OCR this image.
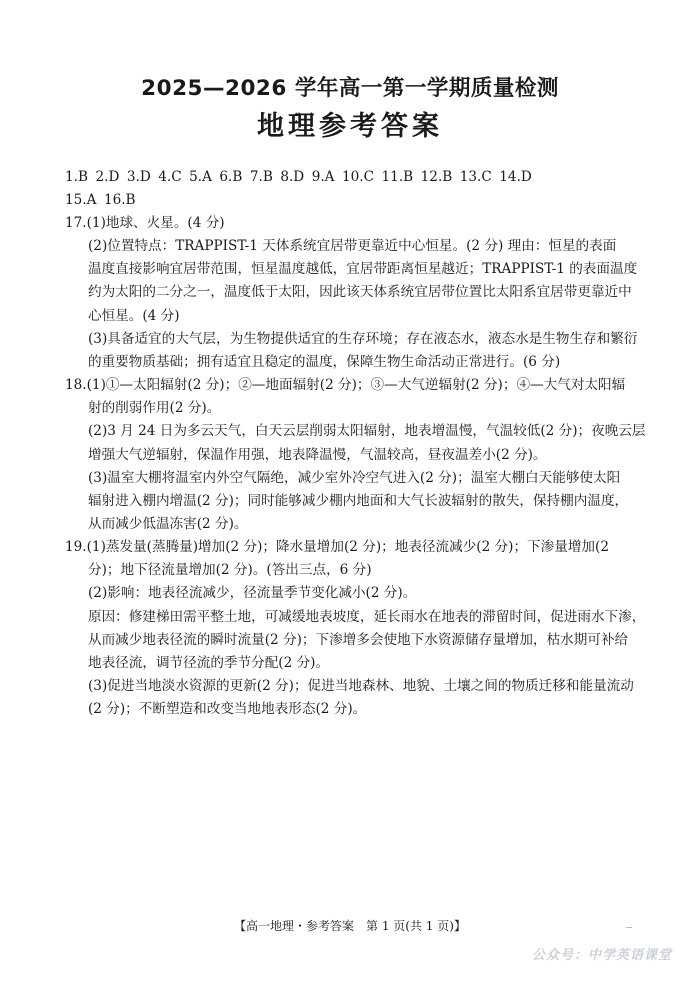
2025—2026 学年高一第一学期质量检测
地理参考答案
1.B 2.D 3.D 4.C 5.A 6.B 7.B 8.D 9.A 10.C 11.B 12.B 13.C 14.D
15.A 16.B
17.(1)地球、火星。(4 分)
(2)位置特点：TRAPPIST-1 天体系统宜居带更靠近中心恒星。(2 分) 理由：恒星的表面
温度直接影响宜居带范围，恒星温度越低，宜居带距离恒星越近；TRAPPIST-1 的表面温度
约为太阳的二分之一，温度低于太阳，因此该天体系统宜居带位置比太阳系宜居带更靠近中
心恒星。(4 分)
(3)具备适宜的大气层，为生物提供适宜的生存环境；存在液态水，液态水是生物生存和繁衍
的重要物质基础；拥有适宜且稳定的温度，保障生物生命活动正常进行。(6 分)
18.(1)①—太阳辐射(2 分)；②—地面辐射(2 分)；③—大气逆辐射(2 分)；④—大气对太阳辐
射的削弱作用(2 分)。
(2)3 月 24 日为多云天气，白天云层削弱太阳辐射，地表增温慢，气温较低(2 分)；夜晚云层
增强大气逆辐射，保温作用强，地表降温慢，气温较高，昼夜温差小(2 分)。
(3)温室大棚将温室内外空气隔绝，减少室外冷空气进入(2 分)；温室大棚白天能够使太阳
辐射进入棚内增温(2 分)；同时能够减少棚内地面和大气长波辐射的散失，保持棚内温度，
从而减少低温冻害(2 分)。
19.(1)蒸发量(蒸腾量)增加(2 分)；降水量增加(2 分)；地表径流减少(2 分)；下渗量增加(2
分)；地下径流量增加(2 分)。(答出三点，6 分)
(2)影响：地表径流减少，径流量季节变化减小(2 分)。
原因：修建梯田需平整土地，可减缓地表坡度，延长雨水在地表的滞留时间，促进雨水下渗，
从而减少地表径流的瞬时流量(2 分)；下渗增多会使地下水资源储存量增加，枯水期可补给
地表径流，调节径流的季节分配(2 分)。
(3)促进当地淡水资源的更新(2 分)；促进当地森林、地貌、土壤之间的物质迁移和能量流动
(2 分)；不断塑造和改变当地地表形态(2 分)。
【高一地理・参考答案　第 1 页(共 1 页)】
公众号：中学英语课堂
